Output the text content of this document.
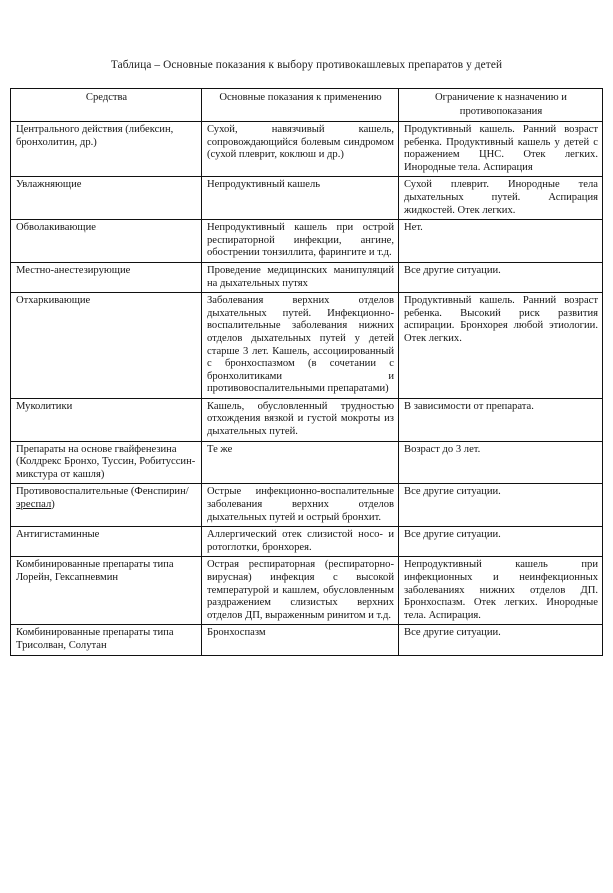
Таблица – Основные показания к выбору противокашлевых препаратов у детей
Средства	Основные показания к применению	Ограничение к назначению и противопоказания
Центрального действия (либексин, бронхолитин, др.)	Сухой, навязчивый кашель, сопровождающийся болевым синдромом (сухой плеврит, коклюш и др.)	Продуктивный кашель. Ранний возраст ребенка. Продуктивный кашель у детей с поражением ЦНС. Отек легких. Инородные тела. Аспирация
Увлажняющие	Непродуктивный кашель	Сухой плеврит. Инородные тела дыхательных путей. Аспирация жидкостей. Отек легких.
Обволакивающие	Непродуктивный кашель при острой респираторной инфекции, ангине, обострении тонзиллита, фарингите и т.д.	Нет.
Местно-анестезирующие	Проведение медицинских манипуляций на дыхательных путях	Все другие ситуации.
Отхаркивающие	Заболевания верхних отделов дыхательных путей. Инфекционно-воспалительные заболевания нижних отделов дыхательных путей у детей старше 3 лет. Кашель, ассоциированный с бронхоспазмом (в сочетании с бронхолитиками и противовоспалительными препаратами)	Продуктивный кашель. Ранний возраст ребенка. Высокий риск развития аспирации. Бронхорея любой этиологии. Отек легких.
Муколитики	Кашель, обусловленный трудностью отхождения вязкой и густой мокроты из дыхательных путей.	В зависимости от препарата.
Препараты на основе гвайфенезина (Колдрекс Бронхо, Туссин, Робитуссин-микстура от кашля)	Те же	Возраст до 3 лет.
Противовоспалительные (Фенспирин/эреспал)	Острые инфекционно-воспалительные заболевания верхних отделов дыхательных путей и острый бронхит.	Все другие ситуации.
Антигистаминные	Аллергический отек слизистой носо- и ротоглотки, бронхорея.	Все другие ситуации.
Комбинированные препараты типа Лорейн, Гексапневмин	Острая респираторная (респираторно-вирусная) инфекция с высокой температурой и кашлем, обусловленным раздражением слизистых верхних отделов ДП, выраженным ринитом и т.д.	Непродуктивный кашель при инфекционных и неинфекционных заболеваниях нижних отделов ДП. Бронхоспазм. Отек легких. Инородные тела. Аспирация.
Комбинированные препараты типа Трисолван, Солутан	Бронхоспазм	Все другие ситуации.
